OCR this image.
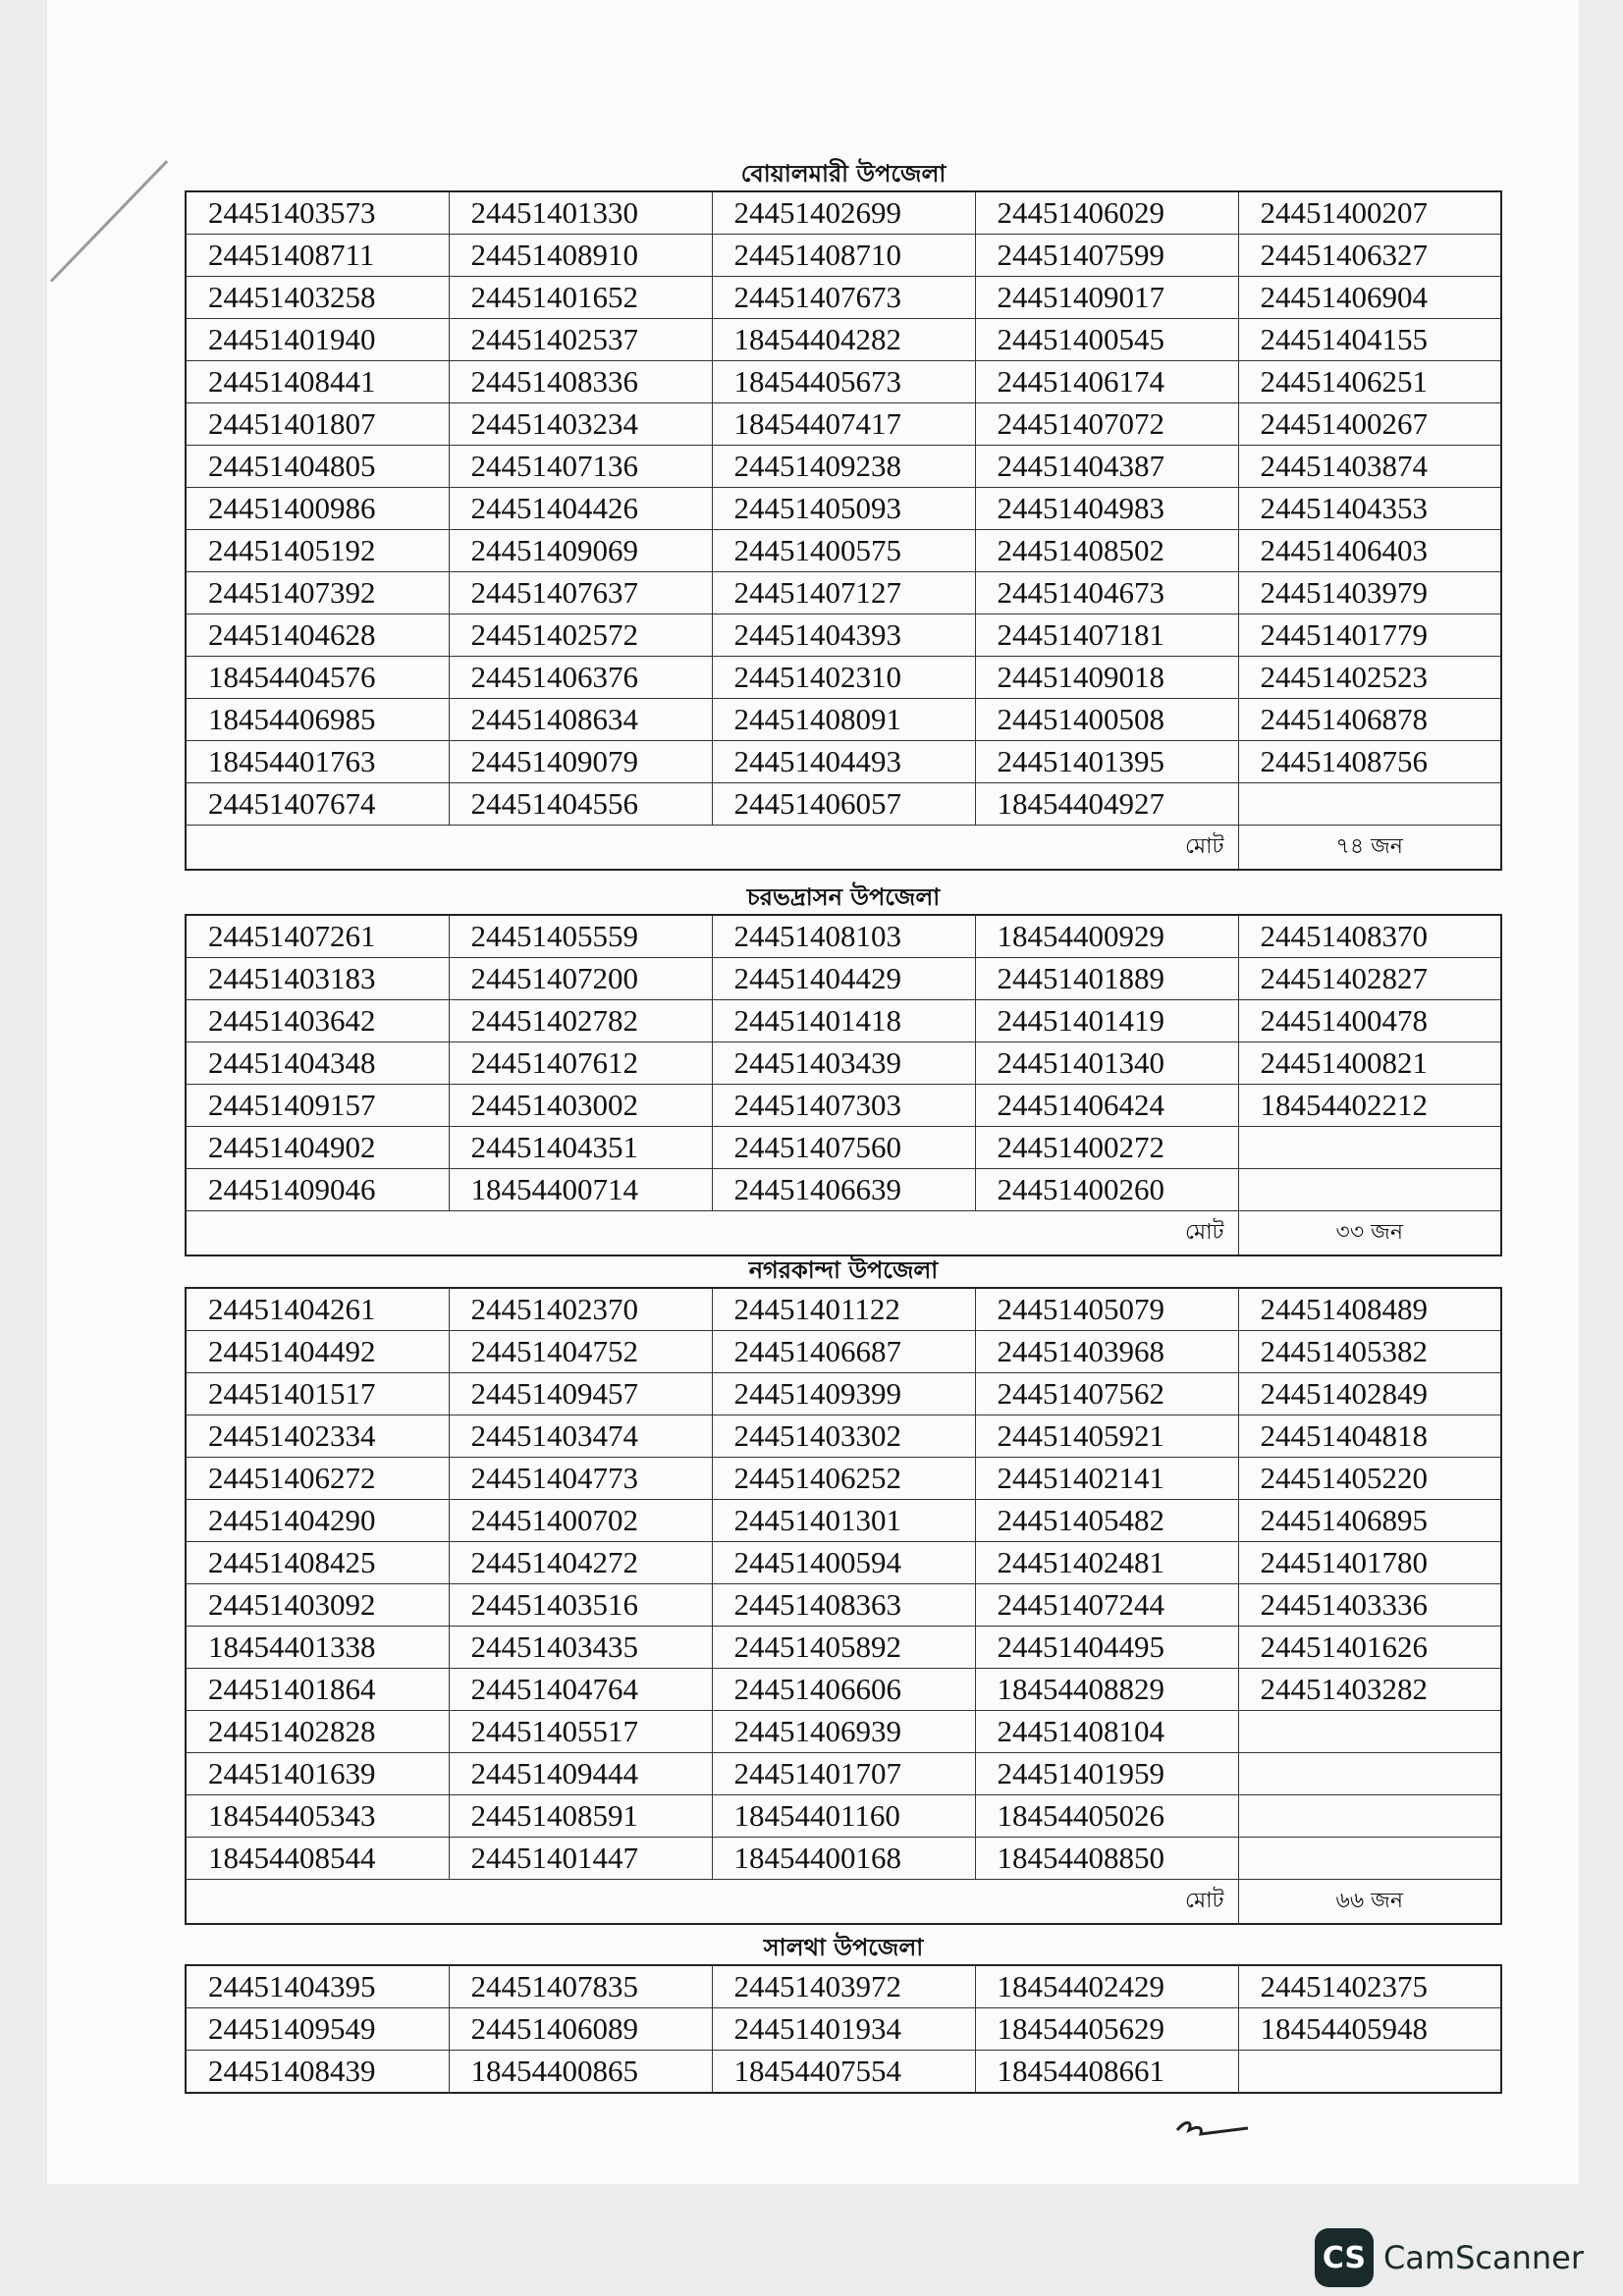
বোয়ালমারী উপজেলা
24451403573	24451401330	24451402699	24451406029	24451400207
24451408711	24451408910	24451408710	24451407599	24451406327
24451403258	24451401652	24451407673	24451409017	24451406904
24451401940	24451402537	18454404282	24451400545	24451404155
24451408441	24451408336	18454405673	24451406174	24451406251
24451401807	24451403234	18454407417	24451407072	24451400267
24451404805	24451407136	24451409238	24451404387	24451403874
24451400986	24451404426	24451405093	24451404983	24451404353
24451405192	24451409069	24451400575	24451408502	24451406403
24451407392	24451407637	24451407127	24451404673	24451403979
24451404628	24451402572	24451404393	24451407181	24451401779
18454404576	24451406376	24451402310	24451409018	24451402523
18454406985	24451408634	24451408091	24451400508	24451406878
18454401763	24451409079	24451404493	24451401395	24451408756
24451407674	24451404556	24451406057	18454404927	
মোট				৭৪ জন
চরভদ্রাসন উপজেলা
24451407261	24451405559	24451408103	18454400929	24451408370
24451403183	24451407200	24451404429	24451401889	24451402827
24451403642	24451402782	24451401418	24451401419	24451400478
24451404348	24451407612	24451403439	24451401340	24451400821
24451409157	24451403002	24451407303	24451406424	18454402212
24451404902	24451404351	24451407560	24451400272	
24451409046	18454400714	24451406639	24451400260	
মোট				৩৩ জন
নগরকান্দা উপজেলা
24451404261	24451402370	24451401122	24451405079	24451408489
24451404492	24451404752	24451406687	24451403968	24451405382
24451401517	24451409457	24451409399	24451407562	24451402849
24451402334	24451403474	24451403302	24451405921	24451404818
24451406272	24451404773	24451406252	24451402141	24451405220
24451404290	24451400702	24451401301	24451405482	24451406895
24451408425	24451404272	24451400594	24451402481	24451401780
24451403092	24451403516	24451408363	24451407244	24451403336
18454401338	24451403435	24451405892	24451404495	24451401626
24451401864	24451404764	24451406606	18454408829	24451403282
24451402828	24451405517	24451406939	24451408104	
24451401639	24451409444	24451401707	24451401959	
18454405343	24451408591	18454401160	18454405026	
18454408544	24451401447	18454400168	18454408850	
মোট				৬৬ জন
সালথা উপজেলা
24451404395	24451407835	24451403972	18454402429	24451402375
24451409549	24451406089	24451401934	18454405629	18454405948
24451408439	18454400865	18454407554	18454408661	
CS CamScanner
